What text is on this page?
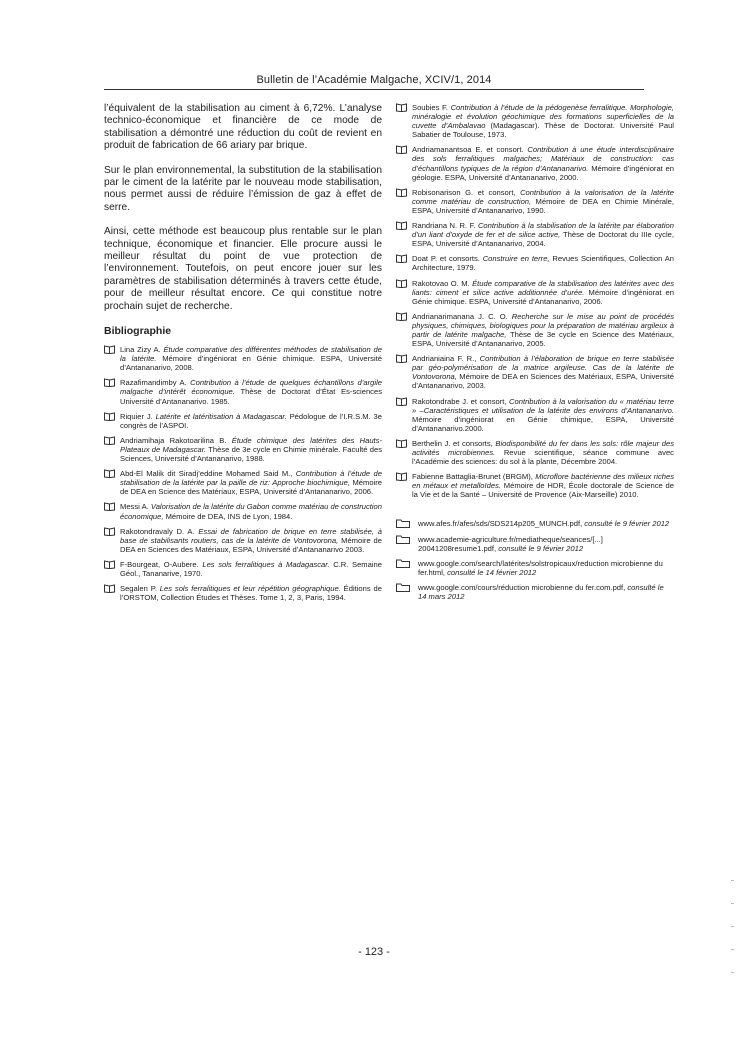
Bulletin de l’Académie Malgache, XCIV/1, 2014

l’équivalent de la stabilisation au ciment à 6,72%. L’analyse technico-économique et financière de ce mode de stabilisation a démontré une réduction du coût de revient en produit de fabrication de 66 ariary par brique.

Sur le plan environnemental, la substitution de la stabilisation par le ciment de la latérite par le nouveau mode stabilisation, nous permet aussi de réduire l’émission de gaz à effet de serre.

Ainsi, cette méthode est beaucoup plus rentable sur le plan technique, économique et financier. Elle procure aussi le meilleur résultat du point de vue protection de l’environnement. Toutefois, on peut encore jouer sur les paramètres de stabilisation déterminés à travers cette étude, pour de meilleur résultat encore. Ce qui constitue notre prochain sujet de recherche.

Bibliographie
Lina Zizy A. Étude comparative des différentes méthodes de stabilisation de la latérite. Mémoire d’ingéniorat en Génie chimique. ESPA, Université d’Antananarivo, 2008.
Razafimandimby A. Contribution à l’étude de quelques échantillons d’argile malgache d’intérêt économique. Thèse de Doctorat d’État Es-sciences Université d’Antananarivo. 1985.
Riquier J. Latérite et latéritisation à Madagascar. Pédologue de l’I.R.S.M. 3e congrès de l’ASPOI.
Andriamihaja Rakotoarilina B. Étude chimique des latérites des Hauts-Plateaux de Madagascar. Thèse de 3e cycle en Chimie minérale. Faculté des Sciences, Université d’Antananarivo, 1988.
Abd-El Malik dit Siradj’eddine Mohamed Said M., Contribution à l’étude de stabilisation de la latérite par la paille de riz: Approche biochimique, Mémoire de DEA en Science des Matériaux, ESPA, Université d’Antananarivo, 2006.
Messi A. Valorisation de la latérite du Gabon comme matériau de construction économique, Mémoire de DEA, INS de Lyon, 1984.
Rakotondravaly D. A. Essai de fabrication de brique en terre stabilisée, à base de stabilisants routiers, cas de la latérite de Vontovorona, Mémoire de DEA en Sciences des Matériaux, ESPA, Université d’Antananarivo 2003.
F-Bourgeat, O-Aubere. Les sols ferralitiques à Madagascar. C.R. Semaine Géol., Tananarive, 1970.
Segalen P. Les sols ferralitiques et leur répétition géographique. Éditions de l’ORSTOM, Collection Études et Thèses. Tome 1, 2, 3, Paris, 1994.
Soubies F. Contribution à l’étude de la pédogenèse ferralitique. Morphologie, minéralogie et évolution géochimique des formations superficielles de la cuvette d’Ambalavao (Madagascar). Thèse de Doctorat. Université Paul Sabatier de Toulouse, 1973.
Andriamanantsoa E. et consort. Contribution à une étude interdisciplinaire des sols ferralitiques malgaches; Matériaux de construction: cas d’échantillons typiques de la région d’Antananarivo. Mémoire d’ingéniorat en géologie. ESPA, Université d’Antananarivo, 2000.
Robisonarison G. et consort, Contribution à la valorisation de la latérite comme matériau de construction, Mémoire de DEA en Chimie Minérale, ESPA, Université d’Antananarivo, 1990.
Randriana N. R. F. Contribution à la stabilisation de la latérite par élaboration d’un liant d’oxyde de fer et de silice active, Thèse de Doctorat du IIIe cycle, ESPA, Université d’Antananarivo, 2004.
Doat P. et consorts. Construire en terre, Revues Scientifiques, Collection An Architecture, 1979.
Rakotovao O. M. Étude comparative de la stabilisation des latérites avec des liants: ciment et silice active additionnée d’urée. Mémoire d’ingéniorat en Génie chimique. ESPA, Université d’Antananarivo, 2006.
Andrianarimanana J. C. O. Recherche sur le mise au point de procédés physiques, chimiques, biologiques pour la préparation de matériau argileux à partir de latérite malgache, Thèse de 3e cycle en Science des Matériaux, ESPA, Université d’Antananarivo, 2005.
Andrianiaina F. R., Contribution à l’élaboration de brique en terre stabilisée par géo-polymérisation de la matrice argileuse. Cas de la latérite de Vontovorona, Mémoire de DEA en Sciences des Matériaux, ESPA, Université d’Antananarivo, 2003.
Rakotondrabe J. et consort, Contribution à la valorisation du « matériau terre » –Caractéristiques et utilisation de la latérite des environs d’Antananarivo. Mémoire d’ingéniorat en Génie chimique, ESPA, Université d’Antananarivo.2000.
Berthelin J. et consorts, Biodisponibilité du fer dans les sols: rôle majeur des activités microbiennes. Revue scientifique, séance commune avec l’Académie des sciences: du sol à la plante, Décembre 2004.
Fabienne Battaglia-Brunet (BRGM), Microflore bactérienne des milieux riches en métaux et metalloïdes. Mémoire de HDR, École doctorale de Science de la Vie et de la Santé – Université de Provence (Aix-Marseille) 2010.
www.afes.fr/afes/sds/SDS214p205_MUNCH.pdf, consulté le 9 février 2012
www.academie-agriculture.fr/mediatheque/seances/[...] 20041208resume1.pdf, consulté le 9 février 2012
www.google.com/search/latérites/solstropicaux/reduction microbienne du fer.html, consulté le 14 février 2012
www.google.com/cours/réduction microbienne du fer.com.pdf, consulté le 14 mars 2012
- 123 -
